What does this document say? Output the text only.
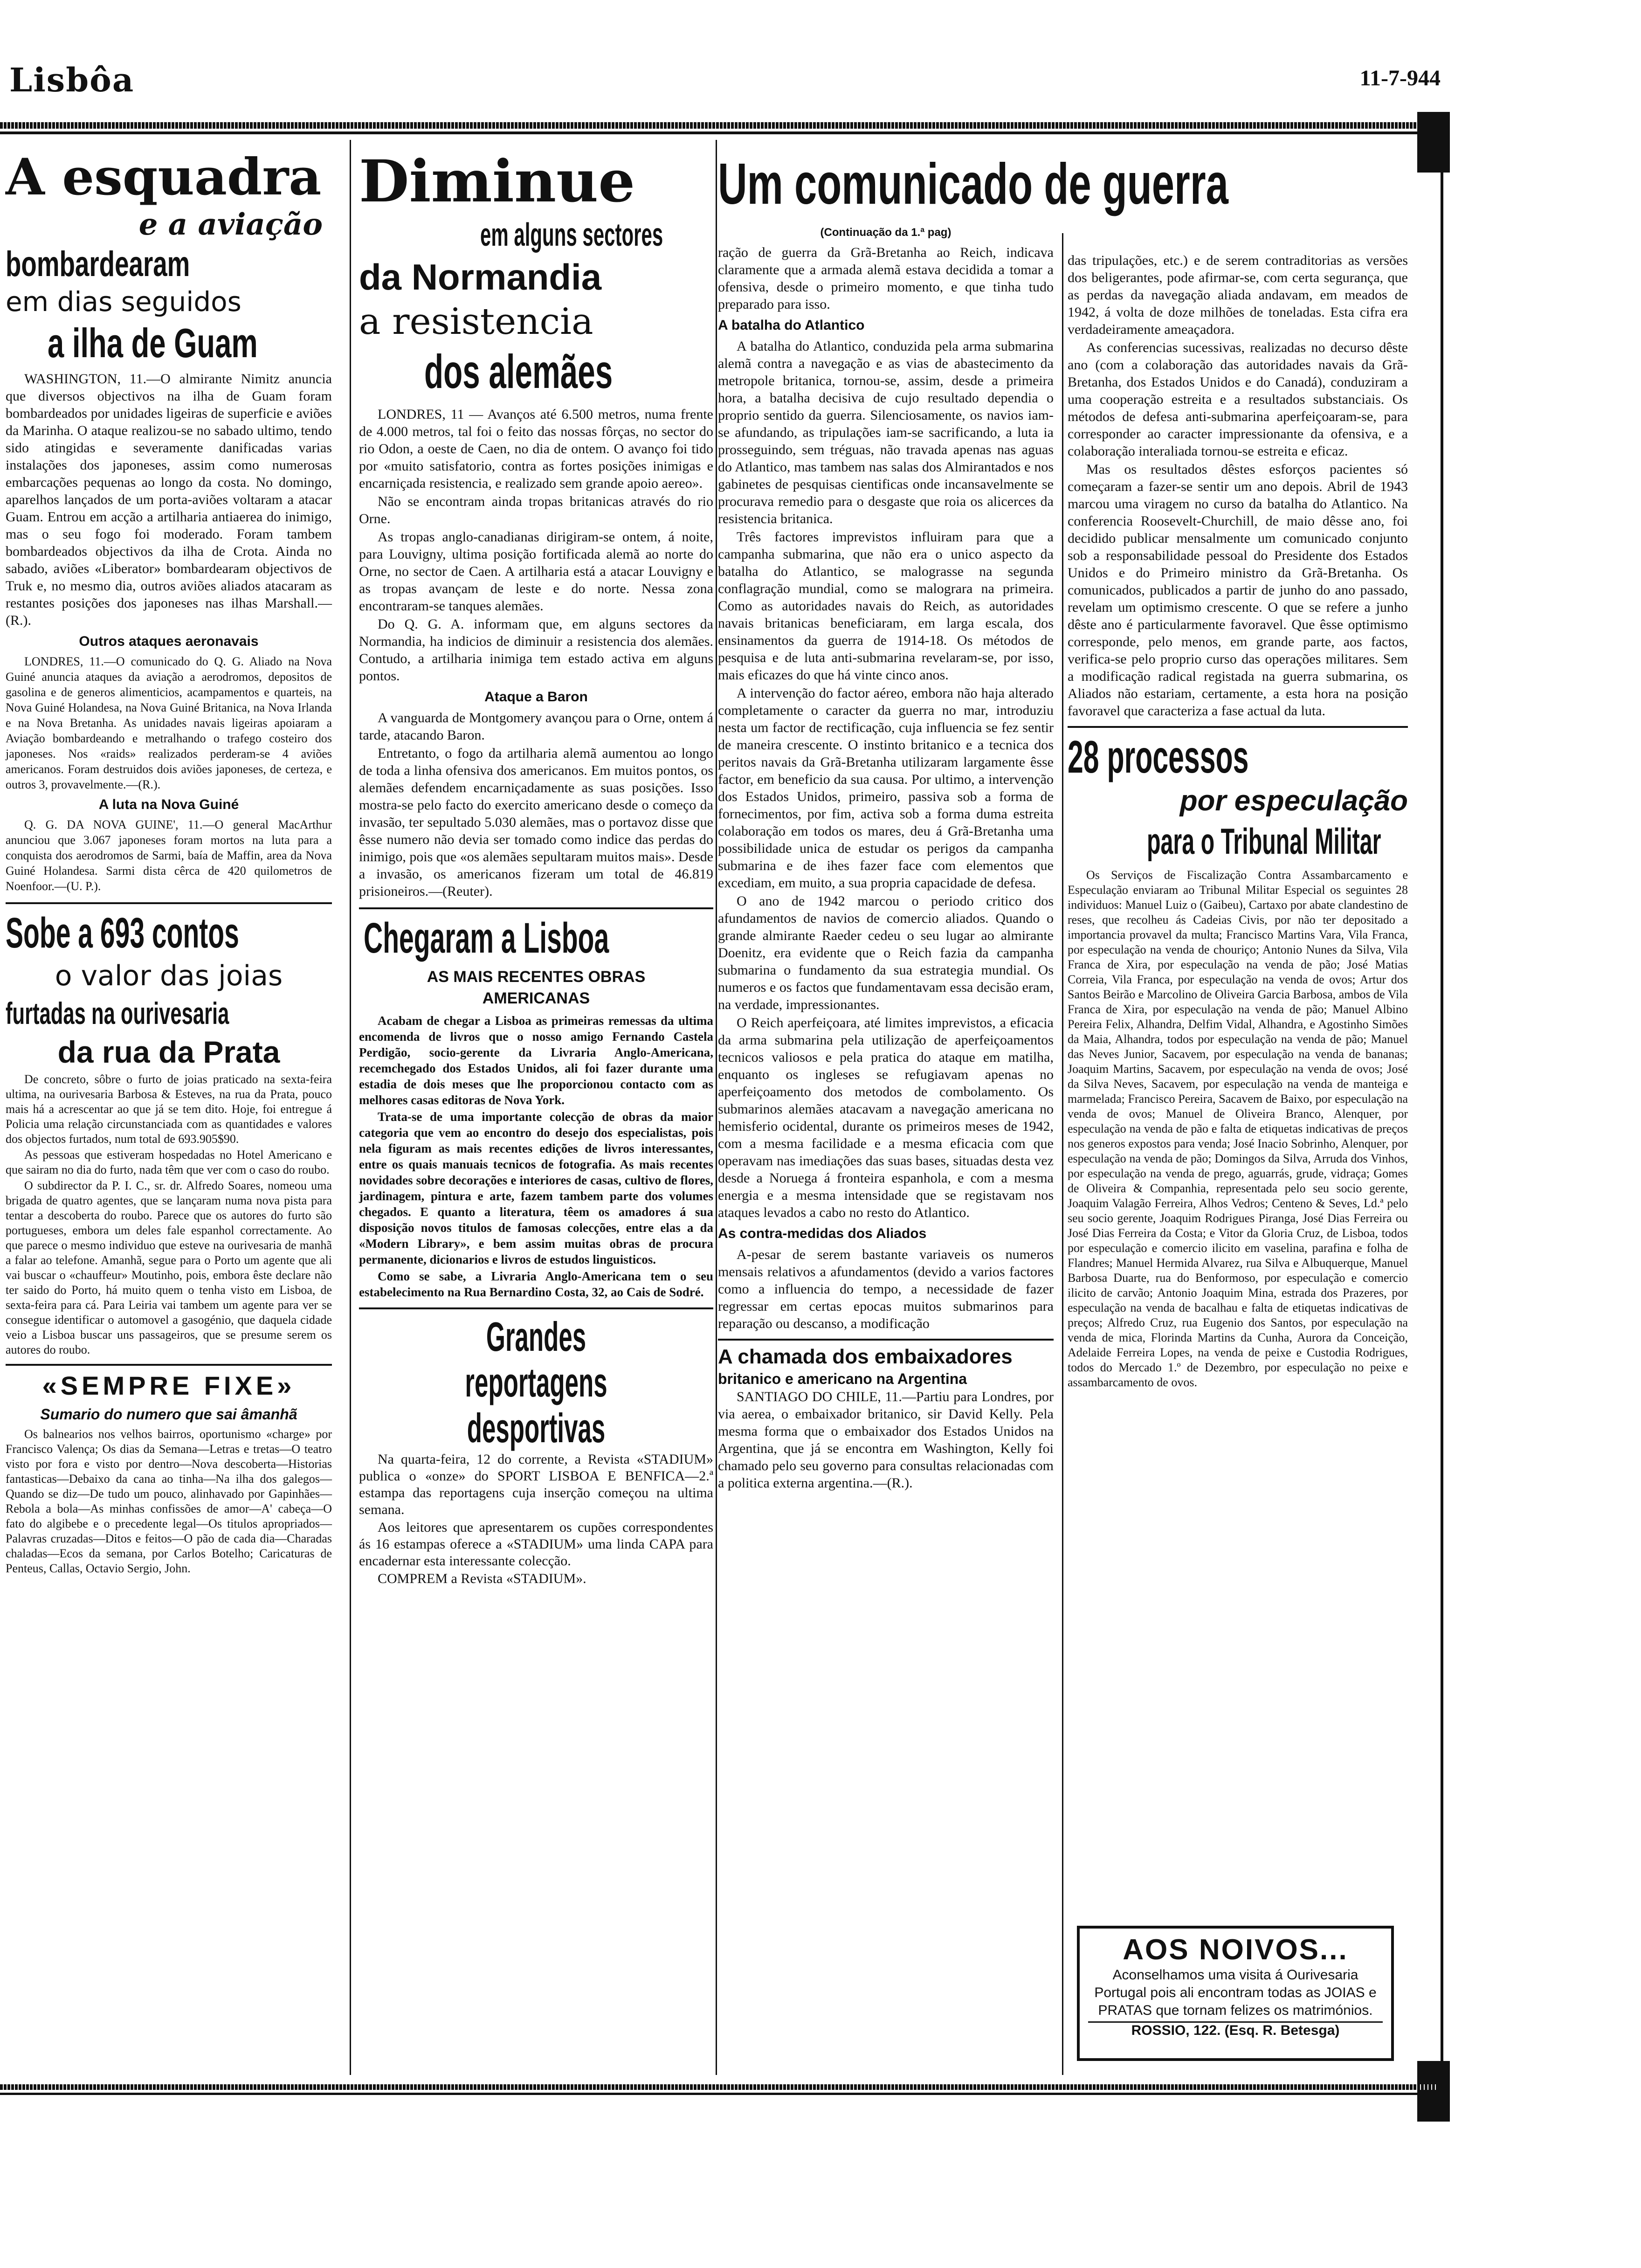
Lisbôa	11-7-944
A esquadra
e a aviação
bombardearam
em dias seguidos
a ilha de Guam

WASHINGTON, 11.—O almirante Nimitz anuncia que diversos objectivos na ilha de Guam foram bombardeados por unidades ligeiras de superficie e aviões da Marinha. O ataque realizou-se no sabado ultimo, tendo sido atingidas e severamente danificadas varias instalações dos japoneses, assim como numerosas embarcações pequenas ao longo da costa. No domingo, aparelhos lançados de um porta-aviões voltaram a atacar Guam. Entrou em acção a artilharia antiaerea do inimigo, mas o seu fogo foi moderado. Foram tambem bombardeados objectivos da ilha de Crota. Ainda no sabado, aviões «Liberator» bombardearam objectivos de Truk e, no mesmo dia, outros aviões aliados atacaram as restantes posições dos japoneses nas ilhas Marshall.—(R.).

Outros ataques aeronavais

LONDRES, 11.—O comunicado do Q. G. Aliado na Nova Guiné anuncia ataques da aviação a aerodromos, depositos de gasolina e de generos alimenticios, acampamentos e quarteis, na Nova Guiné Holandesa, na Nova Guiné Britanica, na Nova Irlanda e na Nova Bretanha. As unidades navais ligeiras apoiaram a Aviação bombardeando e metralhando o trafego costeiro dos japoneses. Nos «raids» realizados perderam-se 4 aviões americanos. Foram destruidos dois aviões japoneses, de certeza, e outros 3, provavelmente.—(R.).

A luta na Nova Guiné

Q. G. DA NOVA GUINE', 11.—O general MacArthur anunciou que 3.067 japoneses foram mortos na luta para a conquista dos aerodromos de Sarmi, baía de Maffin, area da Nova Guiné Holandesa. Sarmi dista cêrca de 420 quilometros de Noenfoor.—(U. P.).

Sobe a 693 contos
o valor das joias
furtadas na ourivesaria
da rua da Prata

De concreto, sôbre o furto de joias praticado na sexta-feira ultima, na ourivesaria Barbosa & Esteves, na rua da Prata, pouco mais há a acrescentar ao que já se tem dito. Hoje, foi entregue á Policia uma relação circunstanciada com as quantidades e valores dos objectos furtados, num total de 693.905$90.

As pessoas que estiveram hospedadas no Hotel Americano e que sairam no dia do furto, nada têm que ver com o caso do roubo.

O subdirector da P. I. C., sr. dr. Alfredo Soares, nomeou uma brigada de quatro agentes, que se lançaram numa nova pista para tentar a descoberta do roubo. Parece que os autores do furto são portugueses, embora um deles fale espanhol correctamente. Ao que parece o mesmo individuo que esteve na ourivesaria de manhã a falar ao telefone. Amanhã, segue para o Porto um agente que ali vai buscar o «chauffeur» Moutinho, pois, embora êste declare não ter saido do Porto, há muito quem o tenha visto em Lisboa, de sexta-feira para cá. Para Leiria vai tambem um agente para ver se consegue identificar o automovel a gasogénio, que daquela cidade veio a Lisboa buscar uns passageiros, que se presume serem os autores do roubo.

«SEMPRE FIXE»
Sumario do numero que sai âmanhã

Os balnearios nos velhos bairros, oportunismo «charge» por Francisco Valença; Os dias da Semana—Letras e tretas—O teatro visto por fora e visto por dentro—Nova descoberta—Historias fantasticas—Debaixo da cana ao tinha—Na ilha dos galegos—Quando se diz—De tudo um pouco, alinhavado por Gapinhães—Rebola a bola—As minhas confissões de amor—A' cabeça—O fato do algibebe e o precedente legal—Os titulos apropriados—Palavras cruzadas—Ditos e feitos—O pão de cada dia—Charadas chaladas—Ecos da semana, por Carlos Botelho; Caricaturas de Penteus, Callas, Octavio Sergio, John.

Diminue
em alguns sectores
da Normandia
a resistencia
dos alemães

LONDRES, 11 — Avanços até 6.500 metros, numa frente de 4.000 metros, tal foi o feito das nossas fôrças, no sector do rio Odon, a oeste de Caen, no dia de ontem. O avanço foi tido por «muito satisfatorio, contra as fortes posições inimigas e encarniçada resistencia, e realizado sem grande apoio aereo».

Não se encontram ainda tropas britanicas através do rio Orne.

As tropas anglo-canadianas dirigiram-se ontem, á noite, para Louvigny, ultima posição fortificada alemã ao norte do Orne, no sector de Caen. A artilharia está a atacar Louvigny e as tropas avançam de leste e do norte. Nessa zona encontraram-se tanques alemães.

Do Q. G. A. informam que, em alguns sectores da Normandia, ha indicios de diminuir a resistencia dos alemães. Contudo, a artilharia inimiga tem estado activa em alguns pontos.

Ataque a Baron

A vanguarda de Montgomery avançou para o Orne, ontem á tarde, atacando Baron.

Entretanto, o fogo da artilharia alemã aumentou ao longo de toda a linha ofensiva dos americanos. Em muitos pontos, os alemães defendem encarniçadamente as suas posições. Isso mostra-se pelo facto do exercito americano desde o começo da invasão, ter sepultado 5.030 alemães, mas o portavoz disse que êsse numero não devia ser tomado como indice das perdas do inimigo, pois que «os alemães sepultaram muitos mais». Desde a invasão, os americanos fizeram um total de 46.819 prisioneiros.—(Reuter).

Chegaram a Lisboa
AS MAIS RECENTES OBRAS AMERICANAS

Acabam de chegar a Lisboa as primeiras remessas da ultima encomenda de livros que o nosso amigo Fernando Castela Perdigão, socio-gerente da Livraria Anglo-Americana, recemchegado dos Estados Unidos, ali foi fazer durante uma estadia de dois meses que lhe proporcionou contacto com as melhores casas editoras de Nova York.

Trata-se de uma importante colecção de obras da maior categoria que vem ao encontro do desejo dos especialistas, pois nela figuram as mais recentes edições de livros interessantes, entre os quais manuais tecnicos de fotografia. As mais recentes novidades sobre decorações e interiores de casas, cultivo de flores, jardinagem, pintura e arte, fazem tambem parte dos volumes chegados. E quanto a literatura, têem os amadores á sua disposição novos titulos de famosas colecções, entre elas a da «Modern Library», e bem assim muitas obras de procura permanente, dicionarios e livros de estudos linguisticos.

Como se sabe, a Livraria Anglo-Americana tem o seu estabelecimento na Rua Bernardino Costa, 32, ao Cais de Sodré.

Grandes reportagens desportivas

Na quarta-feira, 12 do corrente, a Revista «STADIUM» publica o «onze» do SPORT LISBOA E BENFICA—2.ª estampa das reportagens cuja inserção começou na ultima semana.

Aos leitores que apresentarem os cupões correspondentes ás 16 estampas oferece a «STADIUM» uma linda CAPA para encadernar esta interessante colecção.

COMPREM a Revista «STADIUM».

Um comunicado de guerra
(Continuação da 1.ª pag)

ração de guerra da Grã-Bretanha ao Reich, indicava claramente que a armada alemã estava decidida a tomar a ofensiva, desde o primeiro momento, e que tinha tudo preparado para isso.

A batalha do Atlantico

A batalha do Atlantico, conduzida pela arma submarina alemã contra a navegação e as vias de abastecimento da metropole britanica, tornou-se, assim, desde a primeira hora, a batalha decisiva de cujo resultado dependia o proprio sentido da guerra. Silenciosamente, os navios iam-se afundando, as tripulações iam-se sacrificando, a luta ia prosseguindo, sem tréguas, não travada apenas nas aguas do Atlantico, mas tambem nas salas dos Almirantados e nos gabinetes de pesquisas cientificas onde incansavelmente se procurava remedio para o desgaste que roia os alicerces da resistencia britanica.

Três factores imprevistos influiram para que a campanha submarina, que não era o unico aspecto da batalha do Atlantico, se malograsse na segunda conflagração mundial, como se malograra na primeira. Como as autoridades navais do Reich, as autoridades navais britanicas beneficiaram, em larga escala, dos ensinamentos da guerra de 1914-18. Os métodos de pesquisa e de luta anti-submarina revelaram-se, por isso, mais eficazes do que há vinte cinco anos.

A intervenção do factor aéreo, embora não haja alterado completamente o caracter da guerra no mar, introduziu nesta um factor de rectificação, cuja influencia se fez sentir de maneira crescente. O instinto britanico e a tecnica dos peritos navais da Grã-Bretanha utilizaram largamente êsse factor, em beneficio da sua causa. Por ultimo, a intervenção dos Estados Unidos, primeiro, passiva sob a forma de fornecimentos, por fim, activa sob a forma duma estreita colaboração em todos os mares, deu á Grã-Bretanha uma possibilidade unica de estudar os perigos da campanha submarina e de ihes fazer face com elementos que excediam, em muito, a sua propria capacidade de defesa.

O ano de 1942 marcou o periodo critico dos afundamentos de navios de comercio aliados. Quando o grande almirante Raeder cedeu o seu lugar ao almirante Doenitz, era evidente que o Reich fazia da campanha submarina o fundamento da sua estrategia mundial. Os numeros e os factos que fundamentavam essa decisão eram, na verdade, impressionantes.

O Reich aperfeiçoara, até limites imprevistos, a eficacia da arma submarina pela utilização de aperfeiçoamentos tecnicos valiosos e pela pratica do ataque em matilha, enquanto os ingleses se refugiavam apenas no aperfeiçoamento dos metodos de combolamento. Os submarinos alemães atacavam a navegação americana no hemisferio ocidental, durante os primeiros meses de 1942, com a mesma facilidade e a mesma eficacia com que operavam nas imediações das suas bases, situadas desta vez desde a Noruega á fronteira espanhola, e com a mesma energia e a mesma intensidade que se registavam nos ataques levados a cabo no resto do Atlantico.

As contra-medidas dos Aliados

A-pesar de serem bastante variaveis os numeros mensais relativos a afundamentos (devido a varios factores como a influencia do tempo, a necessidade de fazer regressar em certas epocas muitos submarinos para reparação ou descanso, a modificação

A chamada dos embaixadores
britanico e americano na Argentina

SANTIAGO DO CHILE, 11.—Partiu para Londres, por via aerea, o embaixador britanico, sir David Kelly. Pela mesma forma que o embaixador dos Estados Unidos na Argentina, que já se encontra em Washington, Kelly foi chamado pelo seu governo para consultas relacionadas com a politica externa argentina.—(R.).

das tripulações, etc.) e de serem contraditorias as versões dos beligerantes, pode afirmar-se, com certa segurança, que as perdas da navegação aliada andavam, em meados de 1942, á volta de doze milhões de toneladas. Esta cifra era verdadeiramente ameaçadora.

As conferencias sucessivas, realizadas no decurso dêste ano (com a colaboração das autoridades navais da Grã-Bretanha, dos Estados Unidos e do Canadá), conduziram a uma cooperação estreita e a resultados substanciais. Os métodos de defesa anti-submarina aperfeiçoaram-se, para corresponder ao caracter impressionante da ofensiva, e a colaboração interaliada tornou-se estreita e eficaz.

Mas os resultados dêstes esforços pacientes só começaram a fazer-se sentir um ano depois. Abril de 1943 marcou uma viragem no curso da batalha do Atlantico. Na conferencia Roosevelt-Churchill, de maio dêsse ano, foi decidido publicar mensalmente um comunicado conjunto sob a responsabilidade pessoal do Presidente dos Estados Unidos e do Primeiro ministro da Grã-Bretanha. Os comunicados, publicados a partir de junho do ano passado, revelam um optimismo crescente. O que se refere a junho dêste ano é particularmente favoravel. Que êsse optimismo corresponde, pelo menos, em grande parte, aos factos, verifica-se pelo proprio curso das operações militares. Sem a modificação radical registada na guerra submarina, os Aliados não estariam, certamente, a esta hora na posição favoravel que caracteriza a fase actual da luta.

28 processos
por especulação
para o Tribunal Militar

Os Serviços de Fiscalização Contra Assambarcamento e Especulação enviaram ao Tribunal Militar Especial os seguintes 28 individuos: Manuel Luiz o (Gaibeu), Cartaxo por abate clandestino de reses, que recolheu ás Cadeias Civis, por não ter depositado a importancia provavel da multa; Francisco Martins Vara, Vila Franca, por especulação na venda de chouriço; Antonio Nunes da Silva, Vila Franca de Xira, por especulação na venda de pão; José Matias Correia, Vila Franca, por especulação na venda de ovos; Artur dos Santos Beirão e Marcolino de Oliveira Garcia Barbosa, ambos de Vila Franca de Xira, por especulação na venda de pão; Manuel Albino Pereira Felix, Alhandra, Delfim Vidal, Alhandra, e Agostinho Simões da Maia, Alhandra, todos por especulação na venda de pão; Manuel das Neves Junior, Sacavem, por especulação na venda de bananas; Joaquim Martins, Sacavem, por especulação na venda de ovos; José da Silva Neves, Sacavem, por especulação na venda de manteiga e marmelada; Francisco Pereira, Sacavem de Baixo, por especulação na venda de ovos; Manuel de Oliveira Branco, Alenquer, por especulação na venda de pão e falta de etiquetas indicativas de preços nos generos expostos para venda; José Inacio Sobrinho, Alenquer, por especulação na venda de pão; Domingos da Silva, Arruda dos Vinhos, por especulação na venda de prego, aguarrás, grude, vidraça; Gomes de Oliveira & Companhia, representada pelo seu socio gerente, Joaquim Valagão Ferreira, Alhos Vedros; Centeno & Seves, Ld.ª pelo seu socio gerente, Joaquim Rodrigues Piranga, José Dias Ferreira ou José Dias Ferreira da Costa; e Vitor da Gloria Cruz, de Lisboa, todos por especulação e comercio ilicito em vaselina, parafina e folha de Flandres; Manuel Hermida Alvarez, rua Silva e Albuquerque, Manuel Barbosa Duarte, rua do Benformoso, por especulação e comercio ilicito de carvão; Antonio Joaquim Mina, estrada dos Prazeres, por especulação na venda de bacalhau e falta de etiquetas indicativas de preços; Alfredo Cruz, rua Eugenio dos Santos, por especulação na venda de mica, Florinda Martins da Cunha, Aurora da Conceição, Adelaide Ferreira Lopes, na venda de peixe e Custodia Rodrigues, todos do Mercado 1.º de Dezembro, por especulação no peixe e assambarcamento de ovos.

AOS NOIVOS...
Aconselhamos uma visita á Ourivesaria Portugal pois ali encontram todas as JOIAS e PRATAS que tornam felizes os matrimónios.
ROSSIO, 122. (Esq. R. Betesga)
